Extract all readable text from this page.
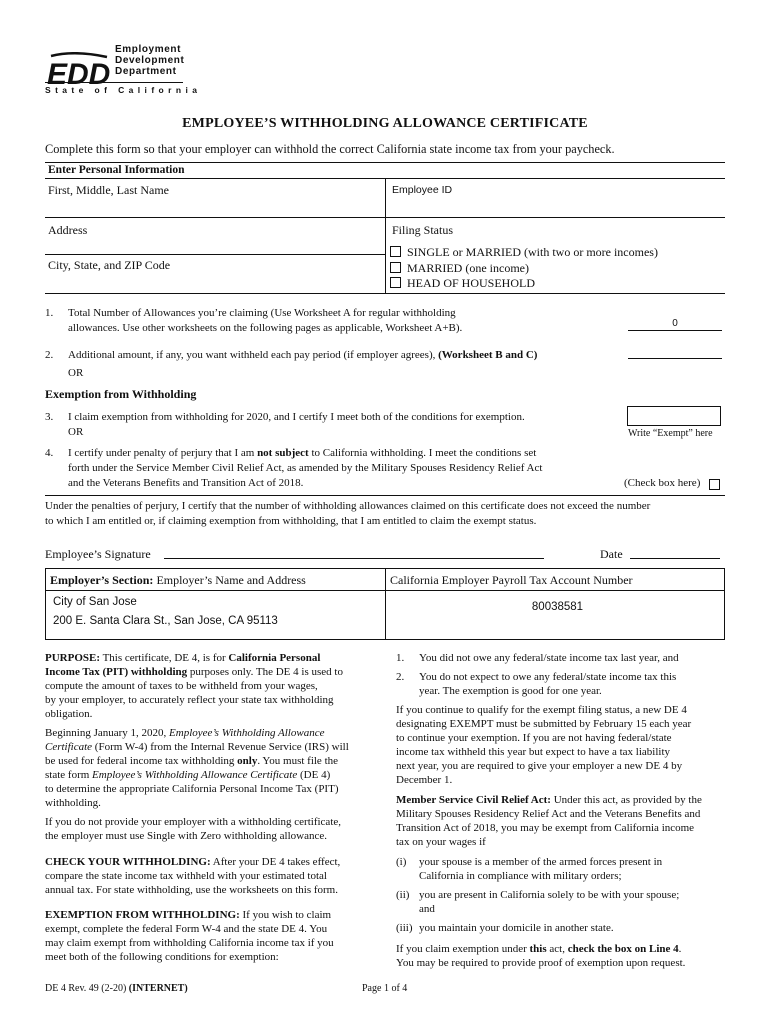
EDD
Employment
Development
Department
State of California
EMPLOYEE’S WITHHOLDING ALLOWANCE CERTIFICATE
Complete this form so that your employer can withhold the correct California state income tax from your paycheck.
Enter Personal Information
First, Middle, Last Name	Employee ID
Address	Filing Status
City, State, and ZIP Code
SINGLE or MARRIED (with two or more incomes)
MARRIED (one income)
HEAD OF HOUSEHOLD
1. Total Number of Allowances you’re claiming (Use Worksheet A for regular withholding
allowances. Use other worksheets on the following pages as applicable, Worksheet A+B).	0
2. Additional amount, if any, you want withheld each pay period (if employer agrees), (Worksheet B and C)
OR
Exemption from Withholding
3. I claim exemption from withholding for 2020, and I certify I meet both of the conditions for exemption.
OR	Write “Exempt” here
4. I certify under penalty of perjury that I am not subject to California withholding. I meet the conditions set
forth under the Service Member Civil Relief Act, as amended by the Military Spouses Residency Relief Act
and the Veterans Benefits and Transition Act of 2018.	(Check box here)
Under the penalties of perjury, I certify that the number of withholding allowances claimed on this certificate does not exceed the number
to which I am entitled or, if claiming exemption from withholding, that I am entitled to claim the exempt status.
Employee’s Signature	Date
Employer’s Section: Employer’s Name and Address	California Employer Payroll Tax Account Number
City of San Jose
200 E. Santa Clara St., San Jose, CA 95113
80038581
PURPOSE: This certificate, DE 4, is for California Personal
Income Tax (PIT) withholding purposes only. The DE 4 is used to
compute the amount of taxes to be withheld from your wages,
by your employer, to accurately reflect your state tax withholding
obligation.
Beginning January 1, 2020, Employee’s Withholding Allowance
Certificate (Form W-4) from the Internal Revenue Service (IRS) will
be used for federal income tax withholding only. You must file the
state form Employee’s Withholding Allowance Certificate (DE 4)
to determine the appropriate California Personal Income Tax (PIT)
withholding.
If you do not provide your employer with a withholding certificate,
the employer must use Single with Zero withholding allowance.
CHECK YOUR WITHHOLDING: After your DE 4 takes effect,
compare the state income tax withheld with your estimated total
annual tax. For state withholding, use the worksheets on this form.
EXEMPTION FROM WITHHOLDING: If you wish to claim
exempt, complete the federal Form W-4 and the state DE 4. You
may claim exempt from withholding California income tax if you
meet both of the following conditions for exemption:
1. You did not owe any federal/state income tax last year, and
2. You do not expect to owe any federal/state income tax this
year. The exemption is good for one year.
If you continue to qualify for the exempt filing status, a new DE 4
designating EXEMPT must be submitted by February 15 each year
to continue your exemption. If you are not having federal/state
income tax withheld this year but expect to have a tax liability
next year, you are required to give your employer a new DE 4 by
December 1.
Member Service Civil Relief Act: Under this act, as provided by the
Military Spouses Residency Relief Act and the Veterans Benefits and
Transition Act of 2018, you may be exempt from California income
tax on your wages if
(i) your spouse is a member of the armed forces present in
California in compliance with military orders;
(ii) you are present in California solely to be with your spouse;
and
(iii) you maintain your domicile in another state.
If you claim exemption under this act, check the box on Line 4.
You may be required to provide proof of exemption upon request.
DE 4 Rev. 49 (2-20) (INTERNET)	Page 1 of 4
